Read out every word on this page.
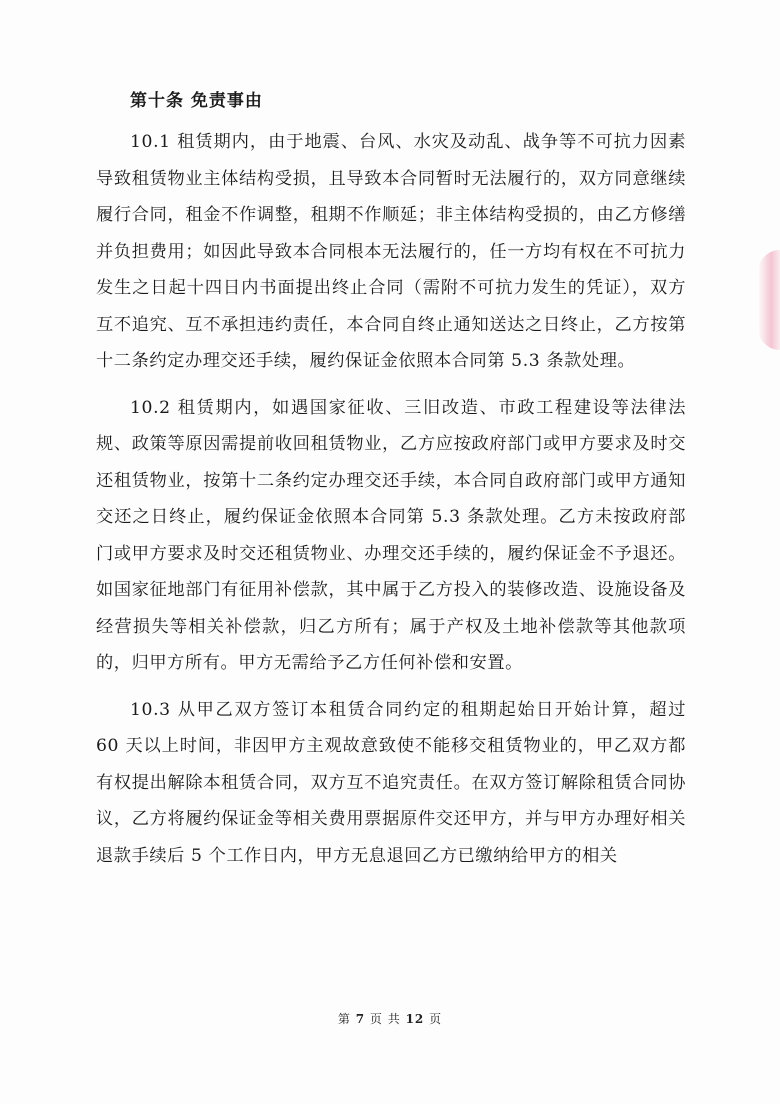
第十条 免责事由

10.1 租赁期内，由于地震、台风、水灾及动乱、战争等不可抗力因素导致租赁物业主体结构受损，且导致本合同暂时无法履行的，双方同意继续履行合同，租金不作调整，租期不作顺延；非主体结构受损的，由乙方修缮并负担费用；如因此导致本合同根本无法履行的，任一方均有权在不可抗力发生之日起十四日内书面提出终止合同（需附不可抗力发生的凭证），双方互不追究、互不承担违约责任，本合同自终止通知送达之日终止，乙方按第十二条约定办理交还手续，履约保证金依照本合同第 5.3 条款处理。

10.2 租赁期内，如遇国家征收、三旧改造、市政工程建设等法律法规、政策等原因需提前收回租赁物业，乙方应按政府部门或甲方要求及时交还租赁物业，按第十二条约定办理交还手续，本合同自政府部门或甲方通知交还之日终止，履约保证金依照本合同第 5.3 条款处理。乙方未按政府部门或甲方要求及时交还租赁物业、办理交还手续的，履约保证金不予退还。如国家征地部门有征用补偿款，其中属于乙方投入的装修改造、设施设备及经营损失等相关补偿款，归乙方所有；属于产权及土地补偿款等其他款项的，归甲方所有。甲方无需给予乙方任何补偿和安置。

10.3 从甲乙双方签订本租赁合同约定的租期起始日开始计算，超过 60 天以上时间，非因甲方主观故意致使不能移交租赁物业的，甲乙双方都有权提出解除本租赁合同，双方互不追究责任。在双方签订解除租赁合同协议，乙方将履约保证金等相关费用票据原件交还甲方，并与甲方办理好相关退款手续后 5 个工作日内，甲方无息退回乙方已缴纳给甲方的相关

第 7 页 共 12 页
